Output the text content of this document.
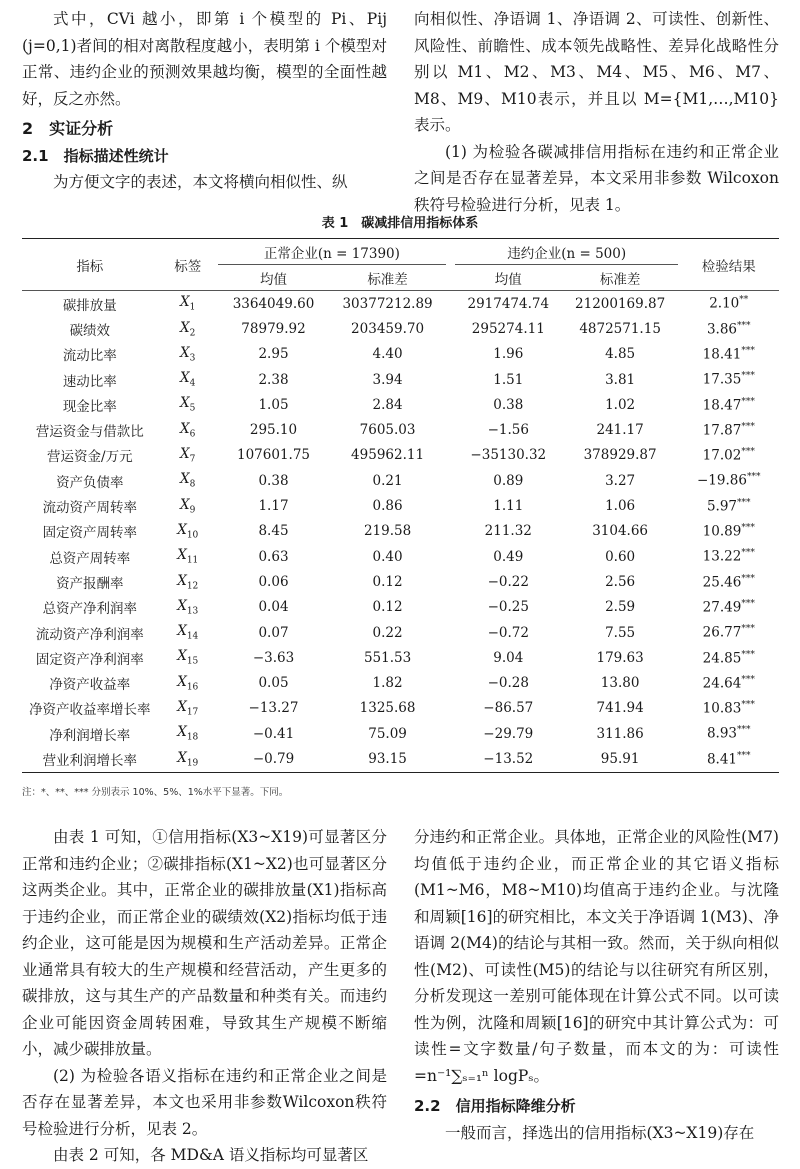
式中，CVi 越小，即第 i 个模型的 Pi、Pij (j=0,1)者间的相对离散程度越小，表明第 i 个模型对正常、违约企业的预测效果越均衡，模型的全面性越好，反之亦然。

2　实证分析

2.1　指标描述性统计

为方便文字的表述，本文将横向相似性、纵

向相似性、净语调 1、净语调 2、可读性、创新性、风险性、前瞻性、成本领先战略性、差异化战略性分别以 M1、M2、M3、M4、M5、M6、M7、M8、M9、M10表示，并且以 M={M1,…,M10}表示。

(1) 为检验各碳减排信用指标在违约和正常企业之间是否存在显著差异，本文采用非参数 Wilcoxon 秩符号检验进行分析，见表 1。

表 1　碳减排信用指标体系
指标	标签	正常企业(n = 17390)			违约企业(n = 500)		检验结果
		均值	标准差		均值	标准差	
碳排放量	$X_1$	3364049.60	30377212.89		2917474.74	21200169.87	2.10**
碳绩效	$X_2$	78979.92	203459.70		295274.11	4872571.15	3.86***
流动比率	$X_3$	2.95	4.40		1.96	4.85	18.41***
速动比率	$X_4$	2.38	3.94		1.51	3.81	17.35***
现金比率	$X_5$	1.05	2.84		0.38	1.02	18.47***
营运资金与借款比	$X_6$	295.10	7605.03		−1.56	241.17	17.87***
营运资金/万元	$X_7$	107601.75	495962.11		−35130.32	378929.87	17.02***
资产负债率	$X_8$	0.38	0.21		0.89	3.27	−19.86***
流动资产周转率	$X_9$	1.17	0.86		1.11	1.06	5.97***
固定资产周转率	$X_{10}$	8.45	219.58		211.32	3104.66	10.89***
总资产周转率	$X_{11}$	0.63	0.40		0.49	0.60	13.22***
资产报酬率	$X_{12}$	0.06	0.12		−0.22	2.56	25.46***
总资产净利润率	$X_{13}$	0.04	0.12		−0.25	2.59	27.49***
流动资产净利润率	$X_{14}$	0.07	0.22		−0.72	7.55	26.77***
固定资产净利润率	$X_{15}$	−3.63	551.53		9.04	179.63	24.85***
净资产收益率	$X_{16}$	0.05	1.82		−0.28	13.80	24.64***
净资产收益率增长率	$X_{17}$	−13.27	1325.68		−86.57	741.94	10.83***
净利润增长率	$X_{18}$	−0.41	75.09		−29.79	311.86	8.93***
营业利润增长率	$X_{19}$	−0.79	93.15		−13.52	95.91	8.41***
注：*、**、*** 分别表示 10%、5%、1%水平下显著。下同。

由表 1 可知，①信用指标(X3~X19)可显著区分正常和违约企业；②碳排指标(X1~X2)也可显著区分这两类企业。其中，正常企业的碳排放量(X1)指标高于违约企业，而正常企业的碳绩效(X2)指标均低于违约企业，这可能是因为规模和生产活动差异。正常企业通常具有较大的生产规模和经营活动，产生更多的碳排放，这与其生产的产品数量和种类有关。而违约企业可能因资金周转困难，导致其生产规模不断缩小，减少碳排放量。

(2) 为检验各语义指标在违约和正常企业之间是否存在显著差异，本文也采用非参数Wilcoxon秩符号检验进行分析，见表 2。

由表 2 可知，各 MD&A 语义指标均可显著区

分违约和正常企业。具体地，正常企业的风险性(M7)均值低于违约企业，而正常企业的其它语义指标(M1~M6，M8~M10)均值高于违约企业。与沈隆和周颖[16]的研究相比，本文关于净语调 1(M3)、净语调 2(M4)的结论与其相一致。然而，关于纵向相似性(M2)、可读性(M5)的结论与以往研究有所区别，分析发现这一差别可能体现在计算公式不同。以可读性为例，沈隆和周颖[16]的研究中其计算公式为：可读性=文字数量/句子数量，而本文的为：可读性=n⁻¹∑ₛ₌₁ⁿ logPₛ。

2.2　信用指标降维分析

一般而言，择选出的信用指标(X3~X19)存在
